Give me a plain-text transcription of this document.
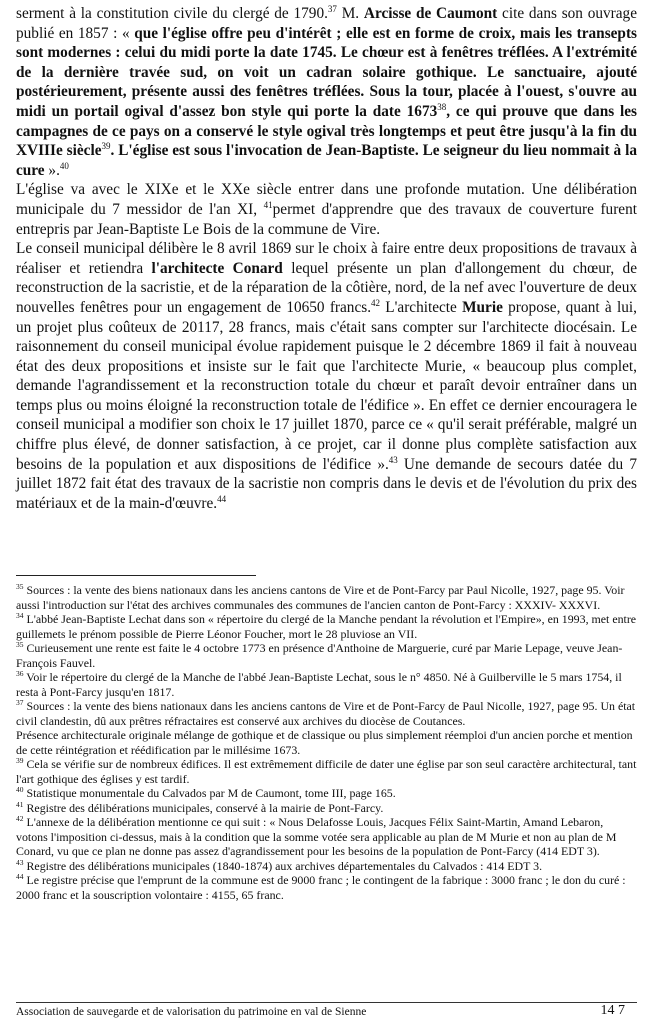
serment à la constitution civile du clergé de 1790.37 M. Arcisse de Caumont cite dans son ouvrage publié en 1857 : « que l'église offre peu d'intérêt ; elle est en forme de croix, mais les transepts sont modernes : celui du midi porte la date 1745. Le chœur est à fenêtres tréflées. A l'extrémité de la dernière travée sud, on voit un cadran solaire gothique. Le sanctuaire, ajouté postérieurement, présente aussi des fenêtres tréflées. Sous la tour, placée à l'ouest, s'ouvre au midi un portail ogival d'assez bon style qui porte la date 1673$^{38}$, ce qui prouve que dans les campagnes de ce pays on a conservé le style ogival très longtemps et peut être jusqu'à la fin du XVIIIe siècle$^{39}$. L'église est sous l'invocation de Jean-Baptiste. Le seigneur du lieu nommait à la cure ».$^{40}$

L'église va avec le XIXe et le XXe siècle entrer dans une profonde mutation. Une délibération municipale du 7 messidor de l'an XI, $^{41}$permet d'apprendre que des travaux de couverture furent entrepris par Jean-Baptiste Le Bois de la commune de Vire.

Le conseil municipal délibère le 8 avril 1869 sur le choix à faire entre deux propositions de travaux à réaliser et retiendra l'architecte Conard lequel présente un plan d'allongement du chœur, de reconstruction de la sacristie, et de la réparation de la côtière, nord, de la nef avec l'ouverture de deux nouvelles fenêtres pour un engagement de 10650 francs.$^{42}$ L'architecte Murie propose, quant à lui, un projet plus coûteux de 20117, 28 francs, mais c'était sans compter sur l'architecte diocésain. Le raisonnement du conseil municipal évolue rapidement puisque le 2 décembre 1869 il fait à nouveau état des deux propositions et insiste sur le fait que l'architecte Murie, « beaucoup plus complet, demande l'agrandissement et la reconstruction totale du chœur et paraît devoir entraîner dans un temps plus ou moins éloigné la reconstruction totale de l'édifice ». En effet ce dernier encouragera le conseil municipal a modifier son choix le 17 juillet 1870, parce ce « qu'il serait préférable, malgré un chiffre plus élevé, de donner satisfaction, à ce projet, car il donne plus complète satisfaction aux besoins de la population et aux dispositions de l'édifice ».$^{43}$ Une demande de secours datée du 7 juillet 1872 fait état des travaux de la sacristie non compris dans le devis et de l'évolution du prix des matériaux et de la main-d'œuvre.$^{44}$

$^{35}$ Sources : la vente des biens nationaux dans les anciens cantons de Vire et de Pont-Farcy par Paul Nicolle, 1927, page 95. Voir aussi l'introduction sur l'état des archives communales des communes de l'ancien canton de Pont-Farcy : XXXIV- XXXVI.

$^{34}$ L'abbé Jean-Baptiste Lechat dans son « répertoire du clergé de la Manche pendant la révolution et l'Empire», en 1993, met entre guillemets le prénom possible de Pierre Léonor Foucher, mort le 28 pluviose an VII.

$^{35}$ Curieusement une rente est faite le 4 octobre 1773 en présence d'Anthoine de Marguerie, curé par Marie Lepage, veuve Jean-François Fauvel.

$^{36}$ Voir le répertoire du clergé de la Manche de l'abbé Jean-Baptiste Lechat, sous le n° 4850. Né à Guilberville le 5 mars 1754, il resta à Pont-Farcy jusqu'en 1817.

$^{37}$ Sources : la vente des biens nationaux dans les anciens cantons de Vire et de Pont-Farcy de Paul Nicolle, 1927, page 95. Un état civil clandestin, dû aux prêtres réfractaires est conservé aux archives du diocèse de Coutances.

Présence architecturale originale mélange de gothique et de classique ou plus simplement réemploi d'un ancien porche et mention de cette réintégration et réédification par le millésime 1673.

$^{39}$ Cela se vérifie sur de nombreux édifices. Il est extrêmement difficile de dater une église par son seul caractère architectural, tant l'art gothique des églises y est tardif.

$^{40}$ Statistique monumentale du Calvados par M de Caumont, tome III, page 165.

$^{41}$ Registre des délibérations municipales, conservé à la mairie de Pont-Farcy.

$^{42}$ L'annexe de la délibération mentionne ce qui suit : « Nous Delafosse Louis, Jacques Félix Saint-Martin, Amand Lebaron, votons l'imposition ci-dessus, mais à la condition que la somme votée sera applicable au plan de M Murie et non au plan de M Conard, vu que ce plan ne donne pas assez d'agrandissement pour les besoins de la population de Pont-Farcy (414 EDT 3).

$^{43}$ Registre des délibérations municipales (1840-1874) aux archives départementales du Calvados : 414 EDT 3.

$^{44}$ Le registre précise que l'emprunt de la commune est de 9000 franc ; le contingent de la fabrique : 3000 franc ; le don du curé : 2000 franc et la souscription volontaire : 4155, 65 franc.

Association de sauvegarde et de valorisation du patrimoine en val de Sienne	14 7
